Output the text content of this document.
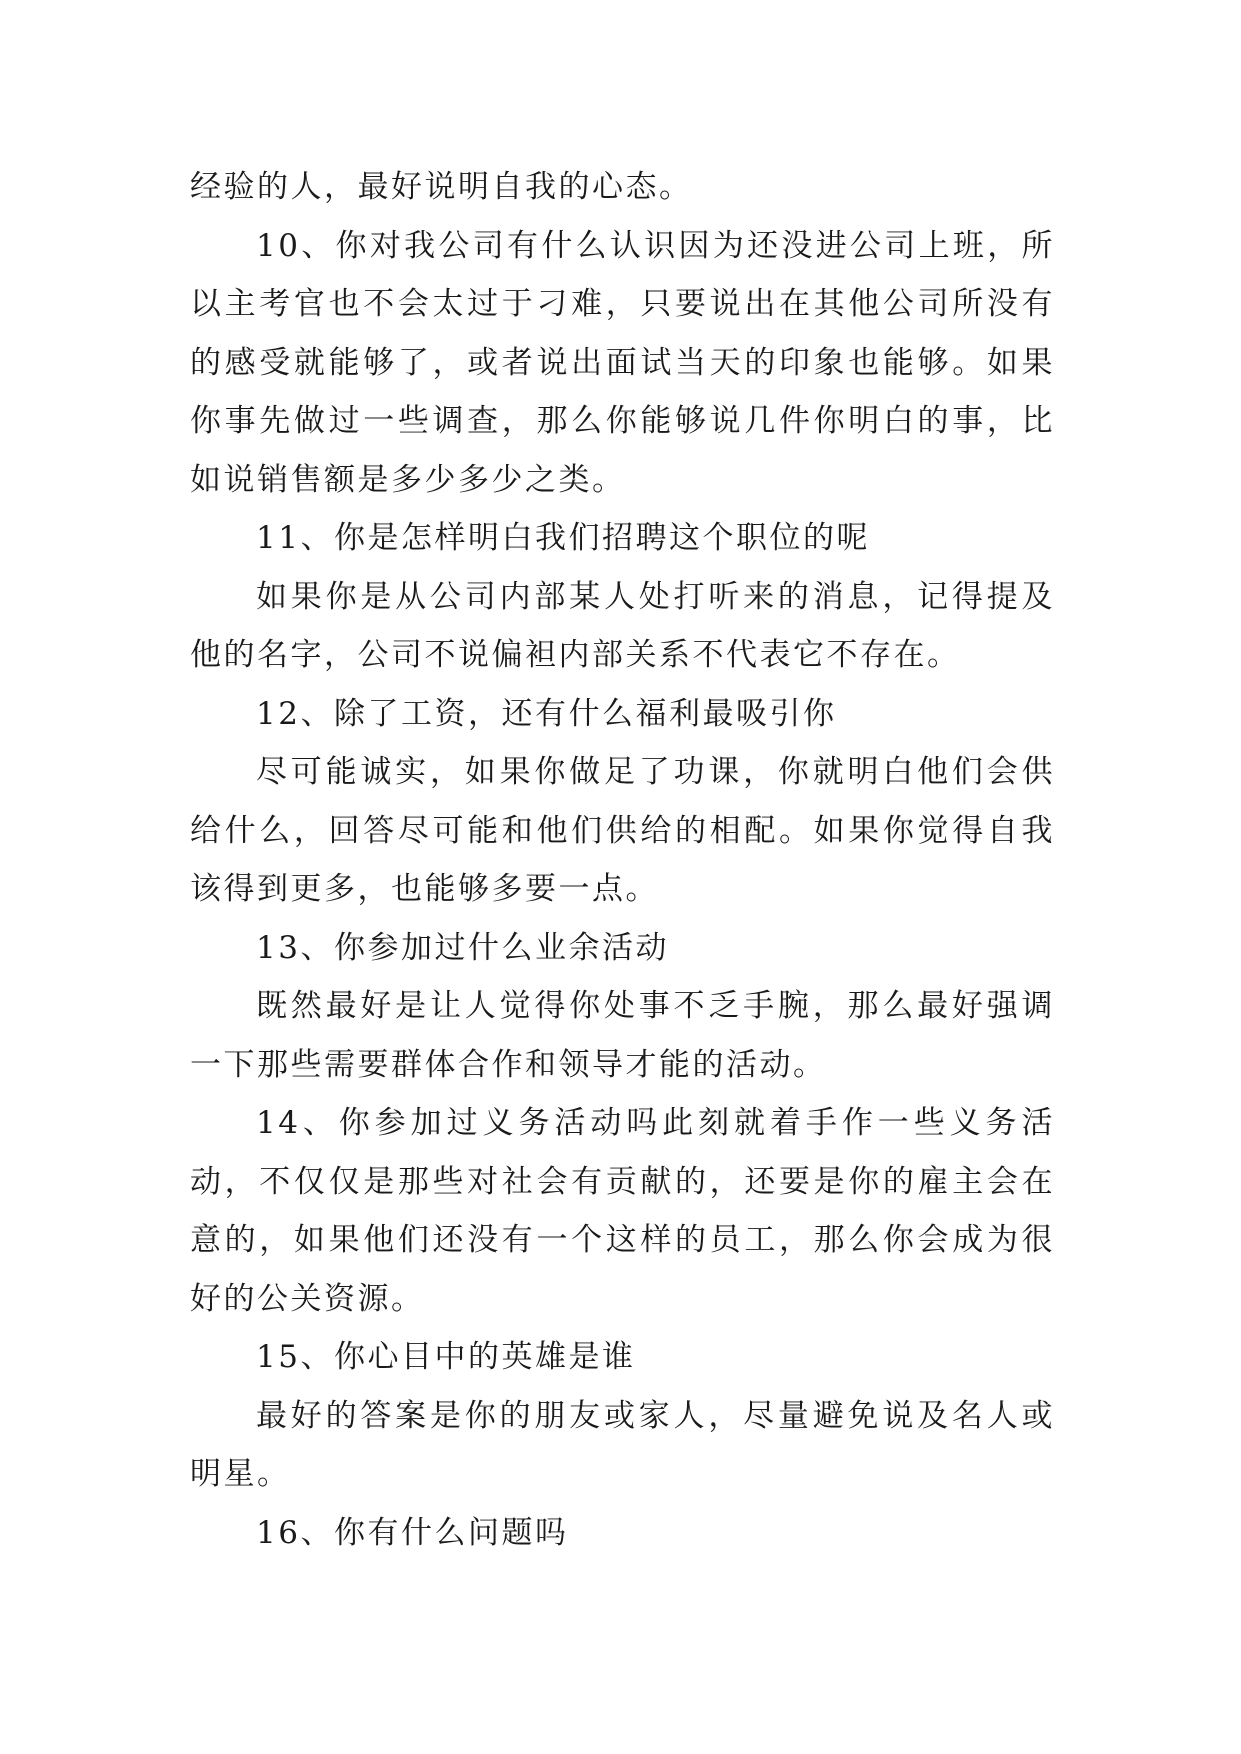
经验的人，最好说明自我的心态。

10、你对我公司有什么认识因为还没进公司上班，所以主考官也不会太过于刁难，只要说出在其他公司所没有的感受就能够了，或者说出面试当天的印象也能够。如果你事先做过一些调查，那么你能够说几件你明白的事，比如说销售额是多少多少之类。

11、你是怎样明白我们招聘这个职位的呢

如果你是从公司内部某人处打听来的消息，记得提及他的名字，公司不说偏袒内部关系不代表它不存在。

12、除了工资，还有什么福利最吸引你

尽可能诚实，如果你做足了功课，你就明白他们会供给什么，回答尽可能和他们供给的相配。如果你觉得自我该得到更多，也能够多要一点。

13、你参加过什么业余活动

既然最好是让人觉得你处事不乏手腕，那么最好强调一下那些需要群体合作和领导才能的活动。

14、你参加过义务活动吗此刻就着手作一些义务活动，不仅仅是那些对社会有贡献的，还要是你的雇主会在意的，如果他们还没有一个这样的员工，那么你会成为很好的公关资源。

15、你心目中的英雄是谁

最好的答案是你的朋友或家人，尽量避免说及名人或明星。

16、你有什么问题吗
